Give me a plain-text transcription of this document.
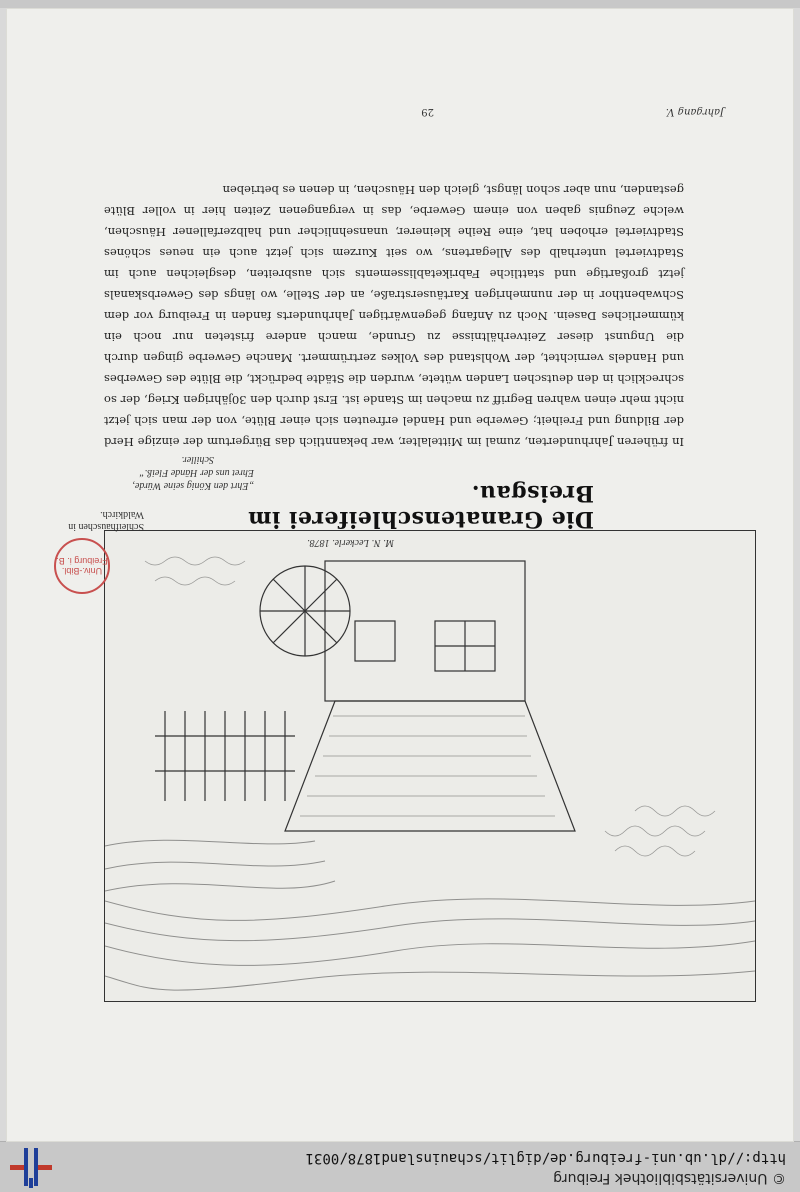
© Universitätsbibliothek Freiburg
http://dl.ub.uni-freiburg.de/diglit/schauinsland1878/0031
Schleifhäuschen in
Waldkirch.
M. N. Leckerle. 1878.
Univ.-Bibl. Freiburg i. B.
Die Granatenschleiferei im Breisgau.
„Ehrt den König seine Würde,
Ehret uns der Hände Fleiß.“
Schiller.
In früheren Jahrhunderten, zumal im Mittelalter, war bekanntlich das Bürgertum der einzige Herd der Bildung und Freiheit; Gewerbe und Handel erfreuten sich einer Blüte, von der man sich jetzt nicht mehr einen wahren Begriff zu machen im Stande ist. Erst durch den 30jährigen Krieg, der so schrecklich in den deutschen Landen wütete, wurden die Städte bedrückt, die Blüte des Gewerbes und Handels vernichtet, der Wohlstand des Volkes zertrümmert. Manche Gewerbe gingen durch die Ungunst dieser Zeitverhältnisse zu Grunde, manch andere fristeten nur noch ein kümmerliches Dasein. Noch zu Anfang gegenwärtigen Jahrhunderts fanden in Freiburg vor dem Schwabenthor in der nunmehrigen Kartäuserstraße, an der Stelle, wo längs des Gewerbskanals jetzt großartige und stattliche Fabriketablissements sich ausbreiten, desgleichen auch im Stadtviertel unterhalb des Allegartens, wo seit Kurzem sich jetzt auch ein neues schönes Stadtviertel erhoben hat, eine Reihe kleinerer, unansehnlicher und halbzerfallener Häuschen, welche Zeugnis gaben von einem Gewerbe, das in vergangenen Zeiten hier in voller Blüte gestanden, nun aber schon längst, gleich den Häuschen, in denen es betrieben
29	Jahrgang V.
